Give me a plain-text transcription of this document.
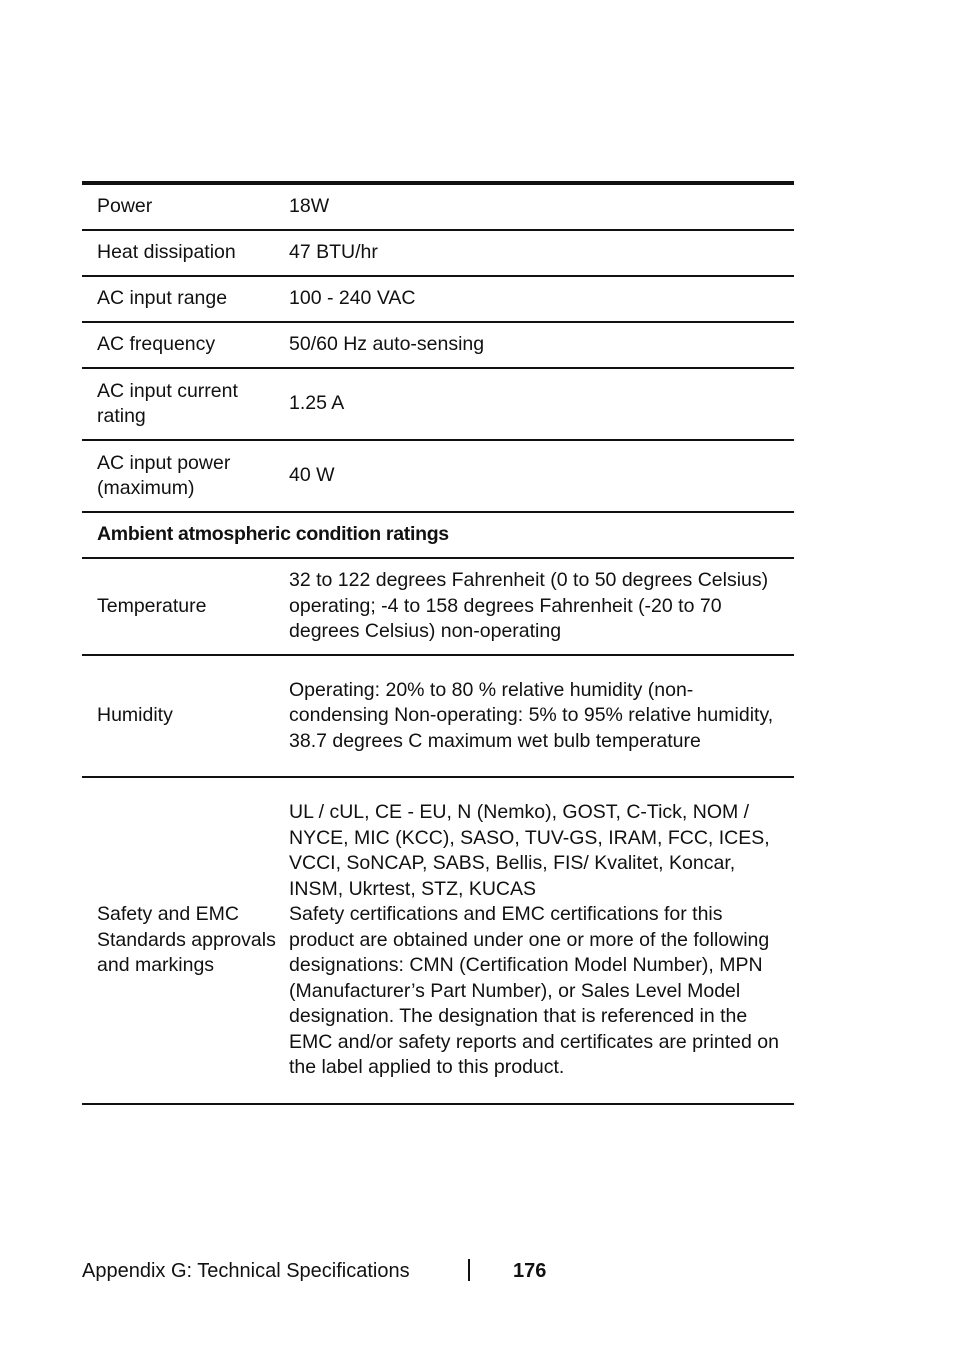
Power	18W
Heat dissipation	47 BTU/hr
AC input range	100 - 240 VAC
AC frequency	50/60 Hz auto-sensing
AC input current rating	1.25 A
AC input power (maximum)	40 W
Ambient atmospheric condition ratings	
Temperature	32 to 122 degrees Fahrenheit (0 to 50 degrees Celsius) operating; -4 to 158 degrees Fahrenheit (-20 to 70 degrees Celsius) non-operating
Humidity	Operating: 20% to 80 % relative humidity (non-condensing Non-operating: 5% to 95% relative humidity, 38.7 degrees C maximum wet bulb temperature
Safety and EMC Standards approvals and markings	UL / cUL, CE - EU, N (Nemko), GOST, C-Tick, NOM / NYCE, MIC (KCC), SASO, TUV-GS, IRAM, FCC, ICES, VCCI, SoNCAP, SABS, Bellis, FIS/ Kvalitet, Koncar, INSM, Ukrtest, STZ, KUCAS
Safety certifications and EMC certifications for this product are obtained under one or more of the following designations: CMN (Certification Model Number), MPN (Manufacturer’s Part Number), or Sales Level Model designation. The designation that is referenced in the EMC and/or safety reports and certificates are printed on the label applied to this product.
Appendix G: Technical Specifications	176
